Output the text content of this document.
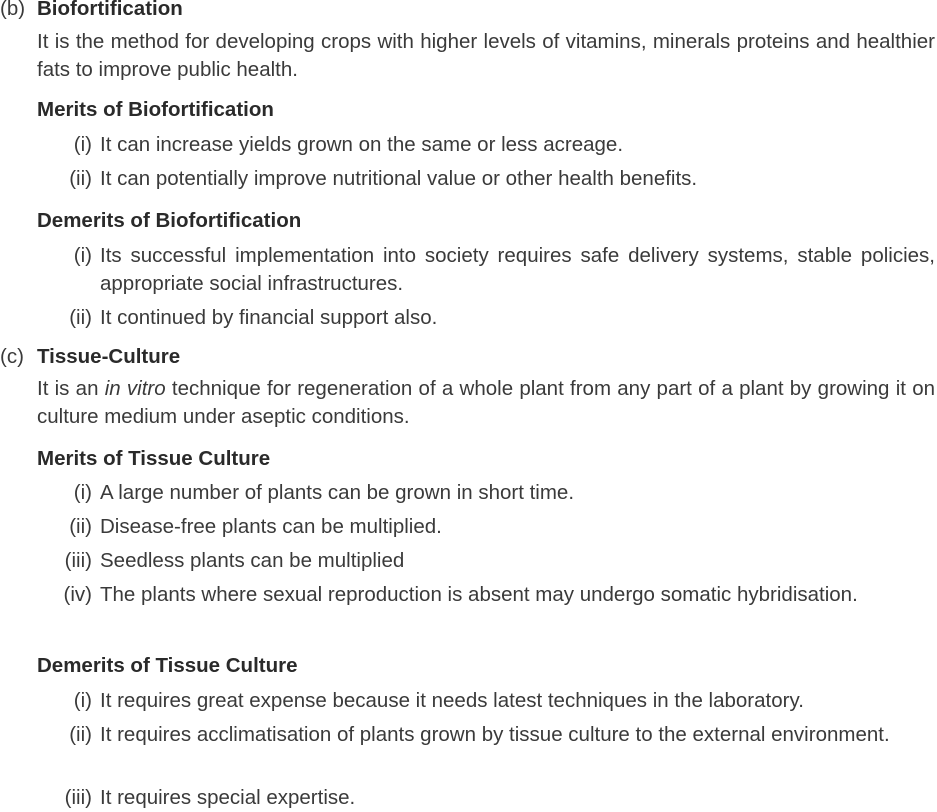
(b) Biofortification
It is the method for developing crops with higher levels of vitamins, minerals proteins and healthier fats to improve public health.
Merits of Biofortification
(i) It can increase yields grown on the same or less acreage.
(ii) It can potentially improve nutritional value or other health benefits.
Demerits of Biofortification
(i) Its successful implementation into society requires safe delivery systems, stable policies, appropriate social infrastructures.
(ii) It continued by financial support also.
(c) Tissue-Culture
It is an in vitro technique for regeneration of a whole plant from any part of a plant by growing it on culture medium under aseptic conditions.
Merits of Tissue Culture
(i) A large number of plants can be grown in short time.
(ii) Disease-free plants can be multiplied.
(iii) Seedless plants can be multiplied
(iv) The plants where sexual reproduction is absent may undergo somatic hybridisation.
Demerits of Tissue Culture
(i) It requires great expense because it needs latest techniques in the laboratory.
(ii) It requires acclimatisation of plants grown by tissue culture to the external environment.
(iii) It requires special expertise.
